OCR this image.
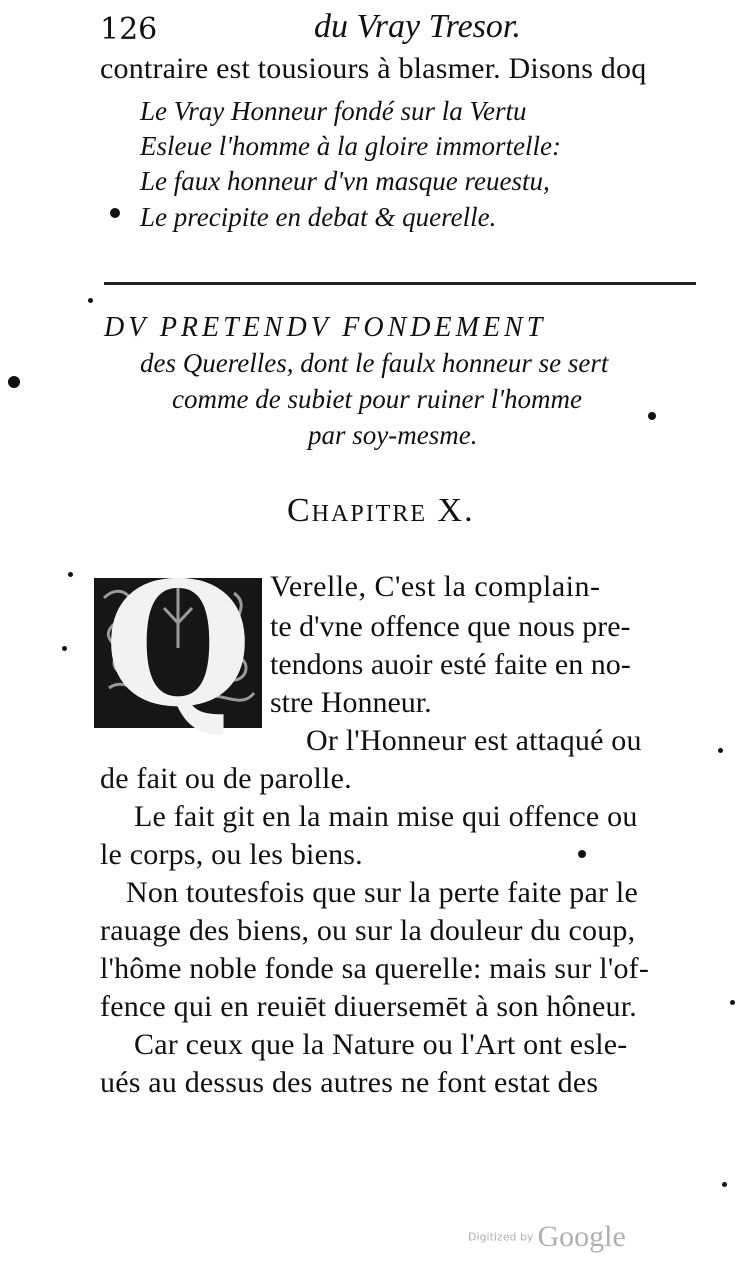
126	du Vray Tresor.
contraire est tousiours à blasmer. Disons doq
Le Vray Honneur fondé sur la Vertu
Esleue l'homme à la gloire immortelle:
Le faux honneur d'vn masque reuestu,
Le precipite en debat & querelle.
DV PRETENDV FONDEMENT
des Querelles, dont le faulx honneur se sert
comme de subiet pour ruiner l'homme
par soy-mesme.
Chapitre X.
Q Verelle, C'est la complain-
te d'vne offence que nous pre-
tendons auoir esté faite en no-
stre Honneur.
Or l'Honneur est attaqué ou
de fait ou de parolle.
Le fait git en la main mise qui offence ou
le corps, ou les biens.
Non toutesfois que sur la perte faite par le
rauage des biens, ou sur la douleur du coup,
l'hôme noble fonde sa querelle: mais sur l'of-
fence qui en reuiēt diuersemēt à son hôneur.
Car ceux que la Nature ou l'Art ont esle-
ués au dessus des autres ne font estat des
Digitized by Google
